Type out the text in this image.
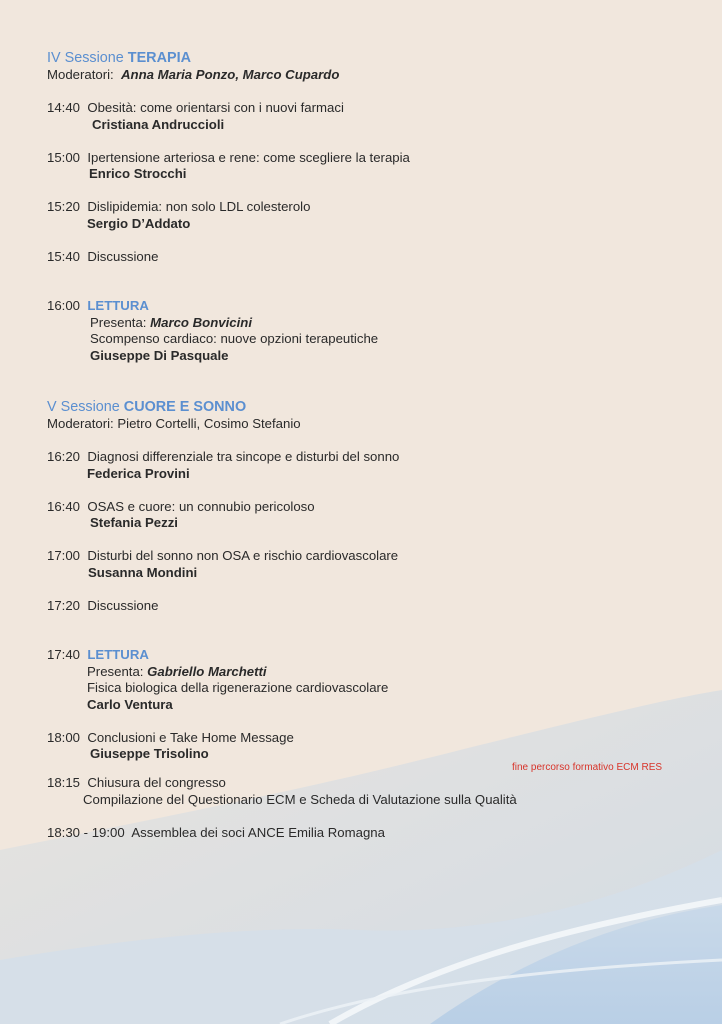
IV Sessione TERAPIA
Moderatori: Anna Maria Ponzo, Marco Cupardo
14:40 Obesità: come orientarsi con i nuovi farmaci
Cristiana Andruccioli
15:00 Ipertensione arteriosa e rene: come scegliere la terapia
Enrico Strocchi
15:20 Dislipidemia: non solo LDL colesterolo
Sergio D’Addato
15:40 Discussione
16:00 LETTURA
Presenta: Marco Bonvicini
Scompenso cardiaco: nuove opzioni terapeutiche
Giuseppe Di Pasquale
V Sessione CUORE E SONNO
Moderatori: Pietro Cortelli, Cosimo Stefanio
16:20 Diagnosi differenziale tra sincope e disturbi del sonno
Federica Provini
16:40 OSAS e cuore: un connubio pericoloso
Stefania Pezzi
17:00 Disturbi del sonno non OSA e rischio cardiovascolare
Susanna Mondini
17:20 Discussione
17:40 LETTURA
Presenta: Gabriello Marchetti
Fisica biologica della rigenerazione cardiovascolare
Carlo Ventura
18:00 Conclusioni e Take Home Message
Giuseppe Trisolino
fine percorso formativo ECM RES
18:15 Chiusura del congresso
Compilazione del Questionario ECM e Scheda di Valutazione sulla Qualità
18:30 - 19:00 Assemblea dei soci ANCE Emilia Romagna
